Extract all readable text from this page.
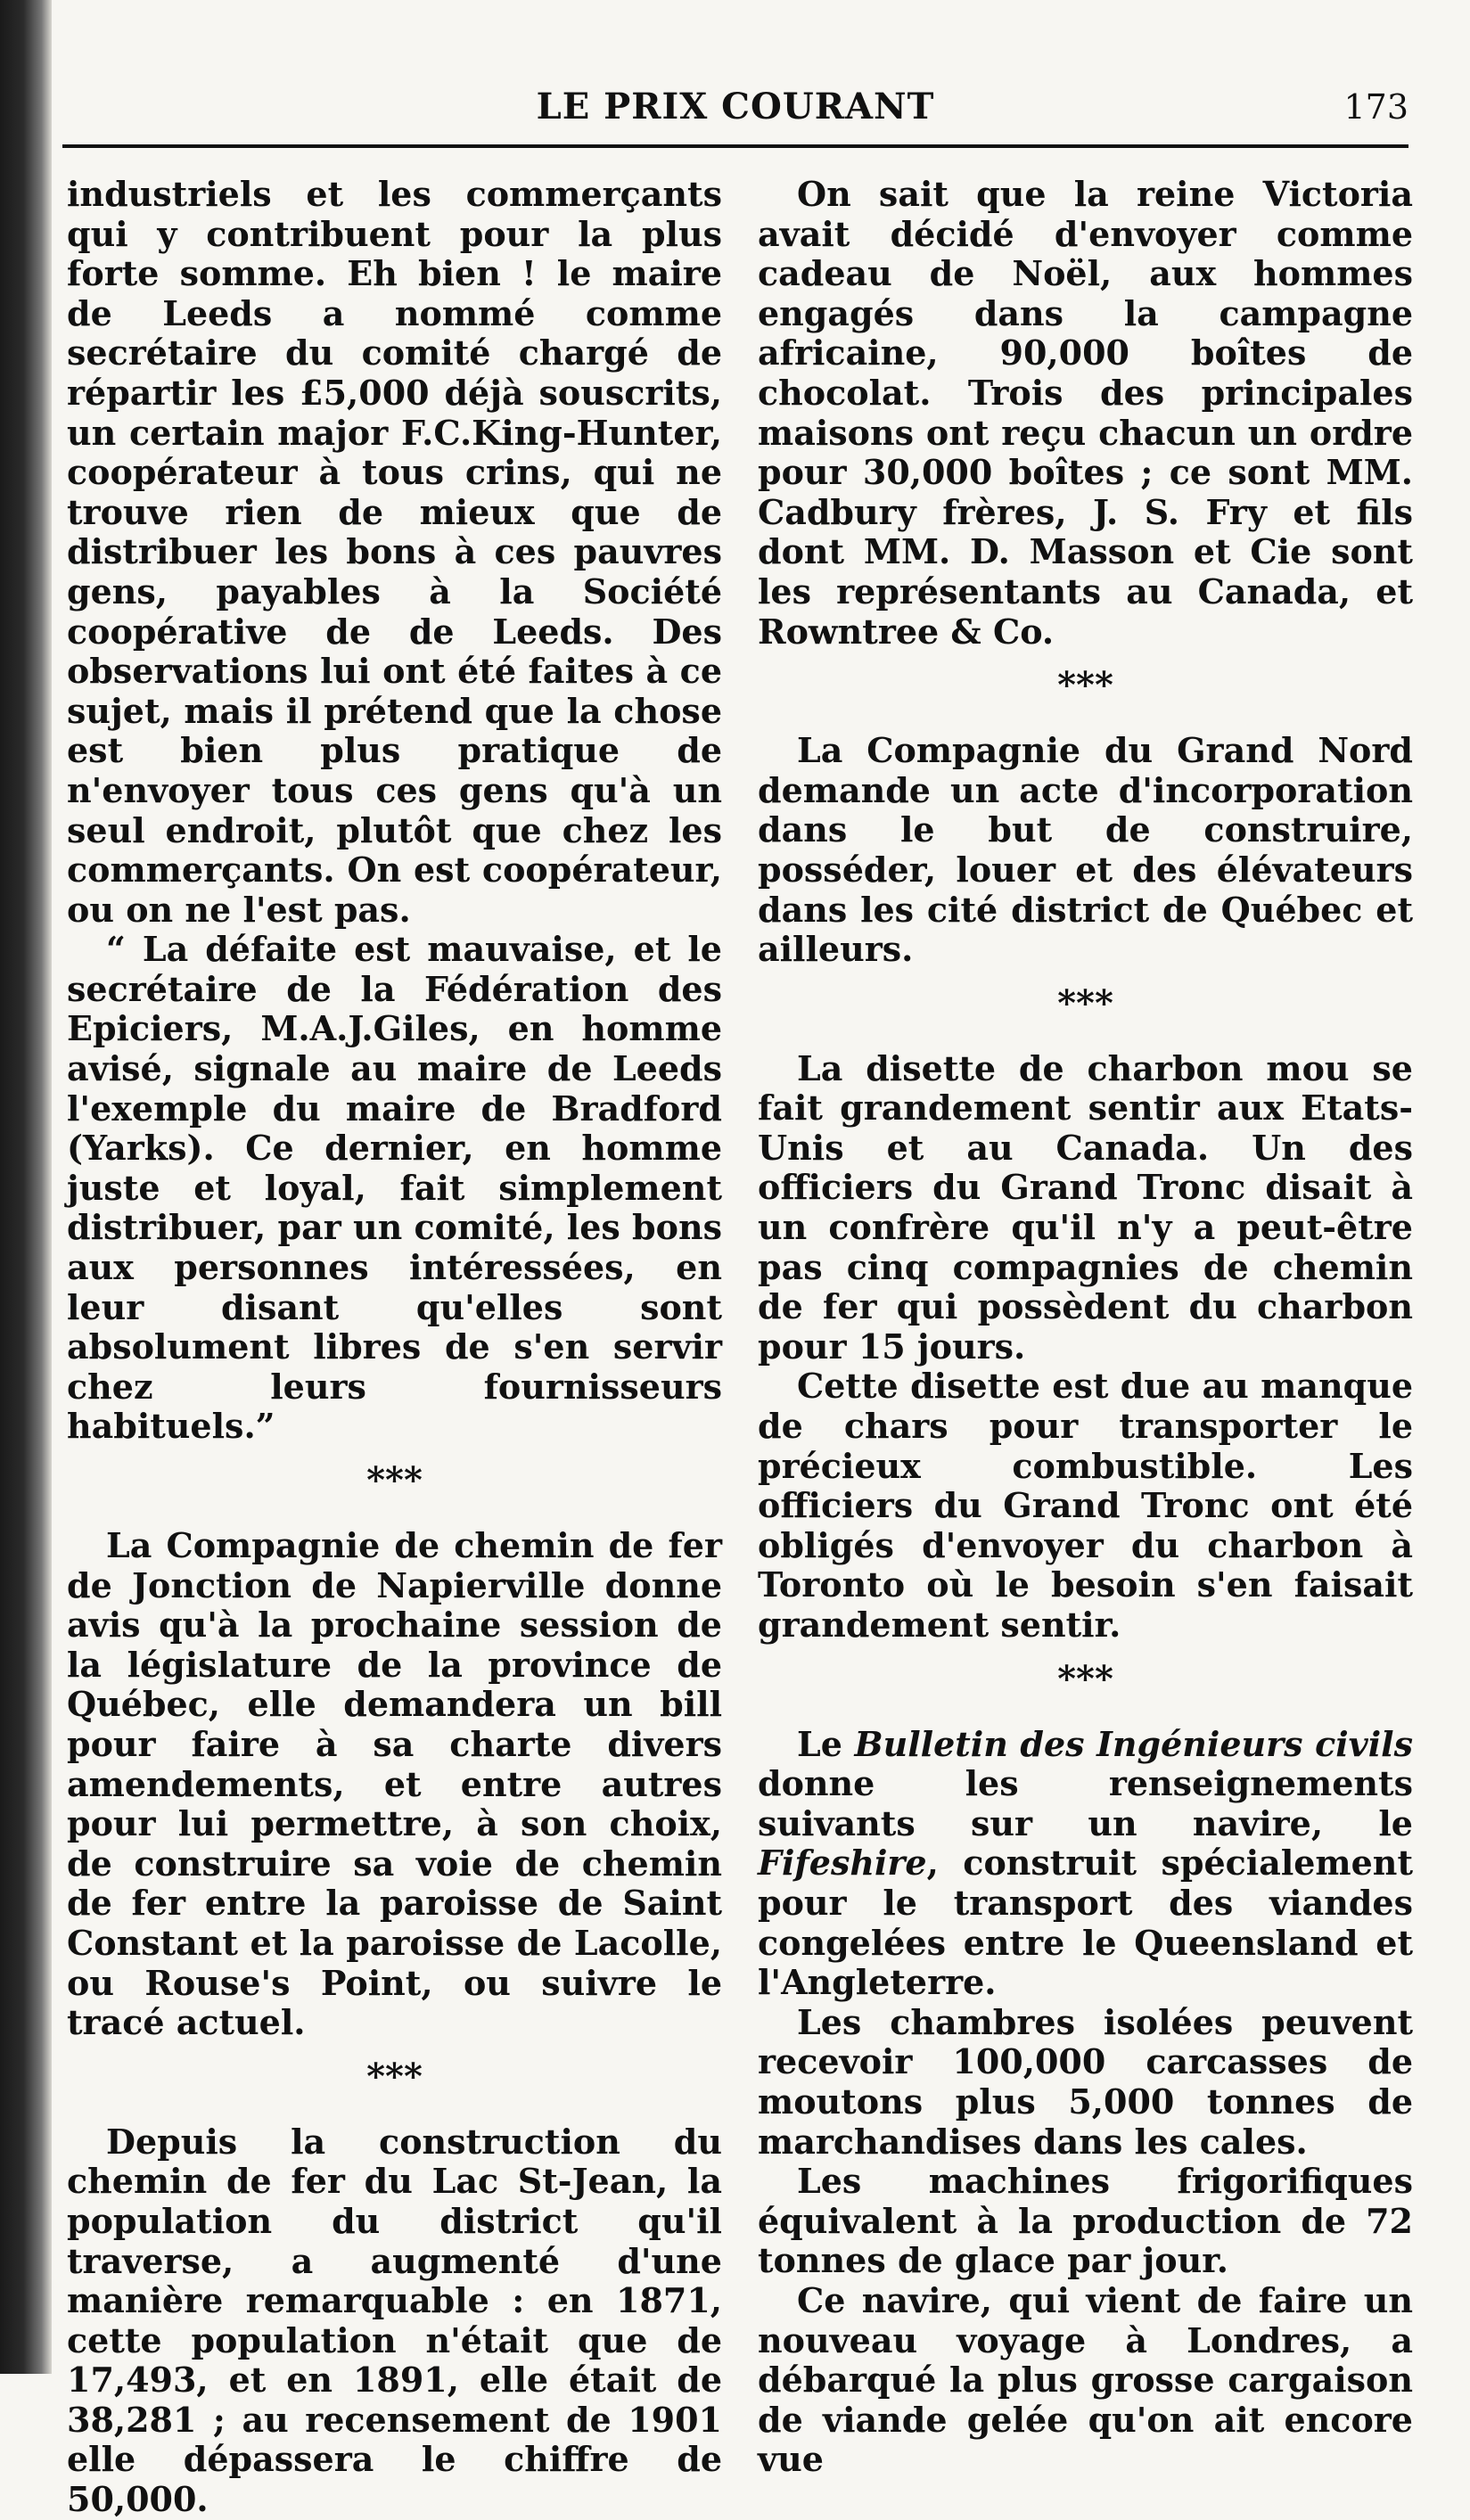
LE PRIX COURANT	173

industriels et les commerçants qui y contribuent pour la plus forte somme. Eh bien ! le maire de Leeds a nommé comme secrétaire du comité chargé de répartir les £5,000 déjà souscrits, un certain major F.C.King-Hunter, coopérateur à tous crins, qui ne trouve rien de mieux que de distribuer les bons à ces pauvres gens, payables à la Société coopérative de de Leeds. Des observations lui ont été faites à ce sujet, mais il prétend que la chose est bien plus pratique de n'envoyer tous ces gens qu'à un seul endroit, plutôt que chez les commerçants. On est coopérateur, ou on ne l'est pas.

“ La défaite est mauvaise, et le secrétaire de la Fédération des Epiciers, M.A.J.Giles, en homme avisé, signale au maire de Leeds l'exemple du maire de Bradford (Yarks). Ce dernier, en homme juste et loyal, fait simplement distribuer, par un comité, les bons aux personnes intéressées, en leur disant qu'elles sont absolument libres de s'en servir chez leurs fournisseurs habituels.”

***

La Compagnie de chemin de fer de Jonction de Napierville donne avis qu'à la prochaine session de la législature de la province de Québec, elle demandera un bill pour faire à sa charte divers amendements, et entre autres pour lui permettre, à son choix, de construire sa voie de chemin de fer entre la paroisse de Saint Constant et la paroisse de Lacolle, ou Rouse's Point, ou suivre le tracé actuel.

***

Depuis la construction du chemin de fer du Lac St-Jean, la population du district qu'il traverse, a augmenté d'une manière remarquable : en 1871, cette population n'était que de 17,493, et en 1891, elle était de 38,281 ; au recensement de 1901 elle dépassera le chiffre de 50,000.

On sait que la reine Victoria avait décidé d'envoyer comme cadeau de Noël, aux hommes engagés dans la campagne africaine, 90,000 boîtes de chocolat. Trois des principales maisons ont reçu chacun un ordre pour 30,000 boîtes ; ce sont MM. Cadbury frères, J. S. Fry et fils dont MM. D. Masson et Cie sont les représentants au Canada, et Rowntree & Co.

***

La Compagnie du Grand Nord demande un acte d'incorporation dans le but de construire, posséder, louer et des élévateurs dans les cité district de Québec et ailleurs.

***

La disette de charbon mou se fait grandement sentir aux Etats-Unis et au Canada. Un des officiers du Grand Tronc disait à un confrère qu'il n'y a peut-être pas cinq compagnies de chemin de fer qui possèdent du charbon pour 15 jours.

Cette disette est due au manque de chars pour transporter le précieux combustible. Les officiers du Grand Tronc ont été obligés d'envoyer du charbon à Toronto où le besoin s'en faisait grandement sentir.

***

Le Bulletin des Ingénieurs civils donne les renseignements suivants sur un navire, le Fifeshire, construit spécialement pour le transport des viandes congelées entre le Queensland et l'Angleterre.

Les chambres isolées peuvent recevoir 100,000 carcasses de moutons plus 5,000 tonnes de marchandises dans les cales.

Les machines frigorifiques équivalent à la production de 72 tonnes de glace par jour.

Ce navire, qui vient de faire un nouveau voyage à Londres, a débarqué la plus grosse cargaison de viande gelée qu'on ait encore vue
